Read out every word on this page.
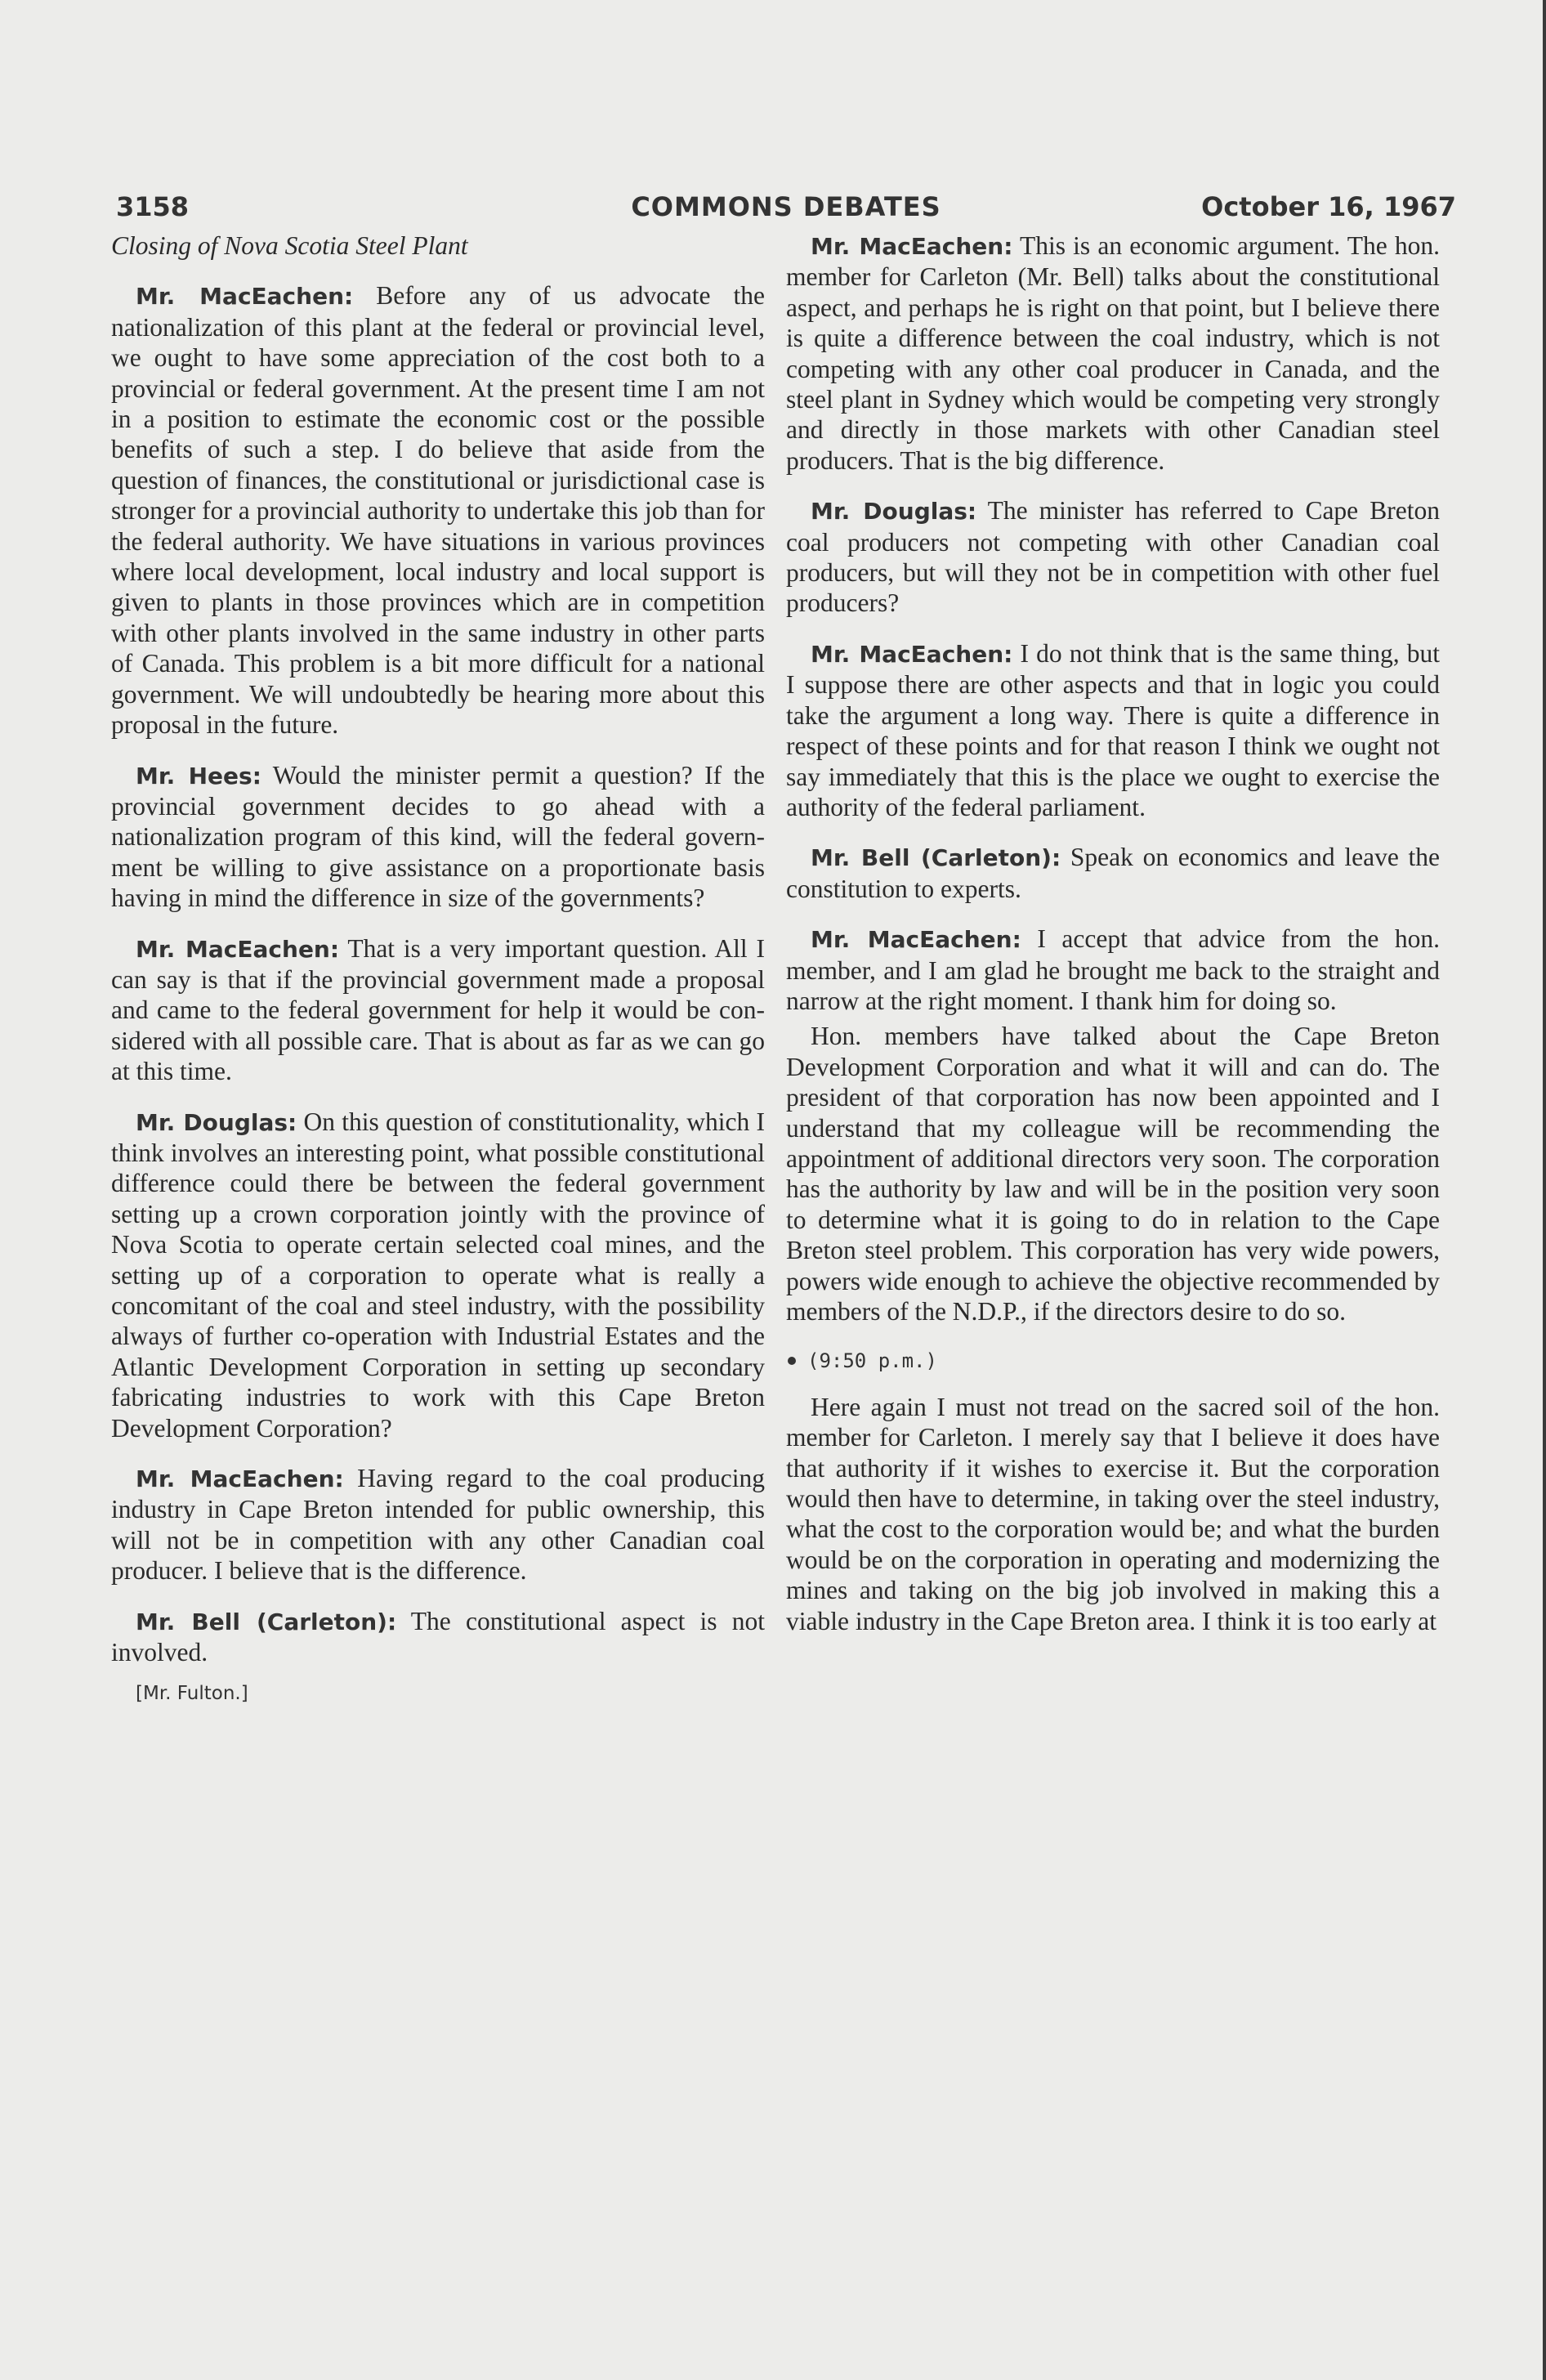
3158	COMMONS DEBATES	October 16, 1967

Closing of Nova Scotia Steel Plant

Mr. MacEachen: Before any of us advocate the nationalization of this plant at the federal or provincial level, we ought to have some appreciation of the cost both to a provincial or federal government. At the present time I am not in a position to estimate the economic cost or the possible benefits of such a step. I do believe that aside from the question of finances, the constitutional or jurisdictional case is stronger for a provincial authority to undertake this job than for the federal authority. We have situations in various provinces where local development, local industry and local support is given to plants in those provinces which are in competition with other plants involved in the same industry in other parts of Canada. This problem is a bit more difficult for a national government. We will undoubtedly be hearing more about this proposal in the future.

Mr. Hees: Would the minister permit a question? If the provincial government decides to go ahead with a nationalization program of this kind, will the federal government be willing to give assistance on a proportionate basis having in mind the difference in size of the governments?

Mr. MacEachen: That is a very important question. All I can say is that if the provincial government made a proposal and came to the federal government for help it would be considered with all possible care. That is about as far as we can go at this time.

Mr. Douglas: On this question of constitutionality, which I think involves an interesting point, what possible constitutional difference could there be between the federal government setting up a crown corporation jointly with the province of Nova Scotia to operate certain selected coal mines, and the setting up of a corporation to operate what is really a concomitant of the coal and steel industry, with the possibility always of further co-operation with Industrial Estates and the Atlantic Development Corporation in setting up secondary fabricating industries to work with this Cape Breton Development Corporation?

Mr. MacEachen: Having regard to the coal producing industry in Cape Breton intended for public ownership, this will not be in competition with any other Canadian coal producer. I believe that is the difference.

Mr. Bell (Carleton): The constitutional aspect is not involved.

[Mr. Fulton.]

Mr. MacEachen: This is an economic argument. The hon. member for Carleton (Mr. Bell) talks about the constitutional aspect, and perhaps he is right on that point, but I believe there is quite a difference between the coal industry, which is not competing with any other coal producer in Canada, and the steel plant in Sydney which would be competing very strongly and directly in those markets with other Canadian steel producers. That is the big difference.

Mr. Douglas: The minister has referred to Cape Breton coal producers not competing with other Canadian coal producers, but will they not be in competition with other fuel producers?

Mr. MacEachen: I do not think that is the same thing, but I suppose there are other aspects and that in logic you could take the argument a long way. There is quite a difference in respect of these points and for that reason I think we ought not say immediately that this is the place we ought to exercise the authority of the federal parliament.

Mr. Bell (Carleton): Speak on economics and leave the constitution to experts.

Mr. MacEachen: I accept that advice from the hon. member, and I am glad he brought me back to the straight and narrow at the right moment. I thank him for doing so.

Hon. members have talked about the Cape Breton Development Corporation and what it will and can do. The president of that corporation has now been appointed and I understand that my colleague will be recommending the appointment of additional directors very soon. The corporation has the authority by law and will be in the position very soon to determine what it is going to do in relation to the Cape Breton steel problem. This corporation has very wide powers, powers wide enough to achieve the objective recommended by members of the N.D.P., if the directors desire to do so.

(9:50 p.m.)

Here again I must not tread on the sacred soil of the hon. member for Carleton. I merely say that I believe it does have that authority if it wishes to exercise it. But the corporation would then have to determine, in taking over the steel industry, what the cost to the corporation would be; and what the burden would be on the corporation in operating and modernizing the mines and taking on the big job involved in making this a viable industry in the Cape Breton area. I think it is too early at
